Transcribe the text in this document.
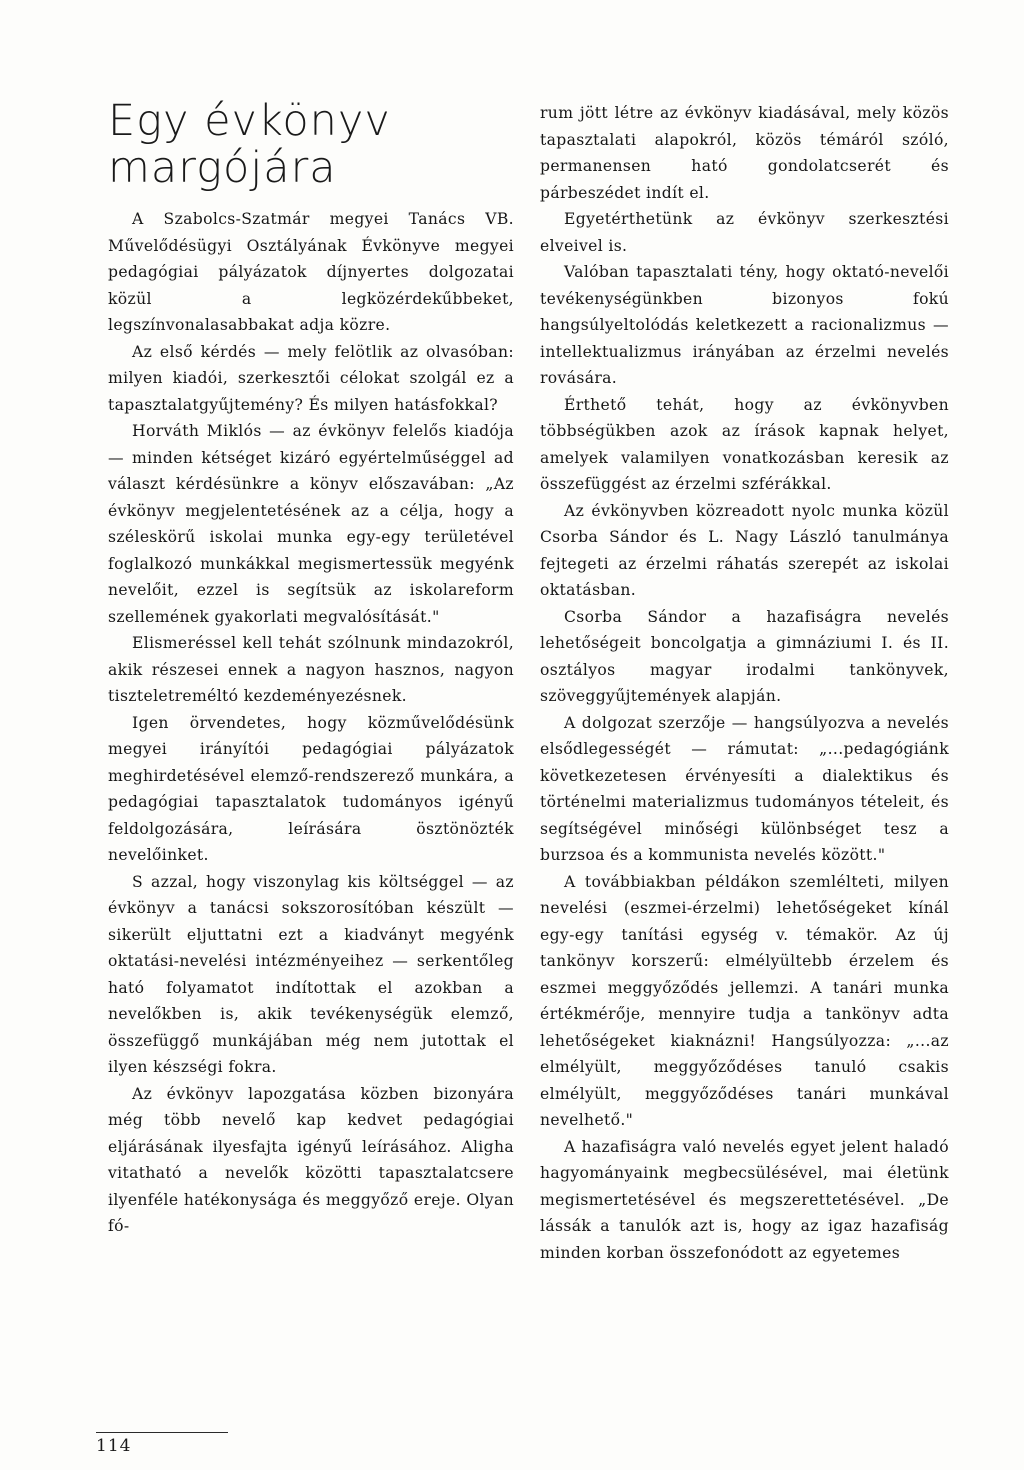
Egy évkönyv
margójára

A Szabolcs-Szatmár megyei Tanács VB. Művelődésügyi Osztályának Évkönyve megyei pedagógiai pályázatok díjnyertes dolgozatai közül a legközérdekűbbeket, legszínvonalasabbakat adja közre.

Az első kérdés — mely felötlik az olvasóban: milyen kiadói, szerkesztői célokat szolgál ez a tapasztalatgyűjtemény? És milyen hatásfokkal?

Horváth Miklós — az évkönyv felelős kiadója — minden kétséget kizáró egyértelműséggel ad választ kérdésünkre a könyv előszavában: „Az évkönyv megjelentetésének az a célja, hogy a széleskörű iskolai munka egy-egy területével foglalkozó munkákkal megismertessük megyénk nevelőit, ezzel is segítsük az iskolareform szellemének gyakorlati megvalósítását."

Elismeréssel kell tehát szólnunk mindazokról, akik részesei ennek a nagyon hasznos, nagyon tiszteletreméltó kezdeményezésnek.

Igen örvendetes, hogy közművelődésünk megyei irányítói pedagógiai pályázatok meghirdetésével elemző-rendszerező munkára, a pedagógiai tapasztalatok tudományos igényű feldolgozására, leírására ösztönözték nevelőinket.

S azzal, hogy viszonylag kis költséggel — az évkönyv a tanácsi sokszorosítóban készült — sikerült eljuttatni ezt a kiadványt megyénk oktatási-nevelési intézményeihez — serkentőleg ható folyamatot indítottak el azokban a nevelőkben is, akik tevékenységük elemző, összefüggő munkájában még nem jutottak el ilyen készségi fokra.

Az évkönyv lapozgatása közben bizonyára még több nevelő kap kedvet pedagógiai eljárásának ilyesfajta igényű leírásához. Aligha vitatható a nevelők közötti tapasztalatcsere ilyenféle hatékonysága és meggyőző ereje. Olyan fó-

rum jött létre az évkönyv kiadásával, mely közös tapasztalati alapokról, közös témáról szóló, permanensen ható gondolatcserét és párbeszédet indít el.

Egyetérthetünk az évkönyv szerkesztési elveivel is.

Valóban tapasztalati tény, hogy oktató-nevelői tevékenységünkben bizonyos fokú hangsúlyeltolódás keletkezett a racionalizmus — intellektualizmus irányában az érzelmi nevelés rovására.

Érthető tehát, hogy az évkönyvben többségükben azok az írások kapnak helyet, amelyek valamilyen vonatkozásban keresik az összefüggést az érzelmi szférákkal.

Az évkönyvben közreadott nyolc munka közül Csorba Sándor és L. Nagy László tanulmánya fejtegeti az érzelmi ráhatás szerepét az iskolai oktatásban.

Csorba Sándor a hazafiságra nevelés lehetőségeit boncolgatja a gimnáziumi I. és II. osztályos magyar irodalmi tankönyvek, szöveggyűjtemények alapján.

A dolgozat szerzője — hangsúlyozva a nevelés elsődlegességét — rámutat: „...pedagógiánk következetesen érvényesíti a dialektikus és történelmi materializmus tudományos tételeit, és segítségével minőségi különbséget tesz a burzsoa és a kommunista nevelés között."

A továbbiakban példákon szemlélteti, milyen nevelési (eszmei-érzelmi) lehetőségeket kínál egy-egy tanítási egység v. témakör. Az új tankönyv korszerű: elmélyültebb érzelem és eszmei meggyőződés jellemzi. A tanári munka értékmérője, mennyire tudja a tankönyv adta lehetőségeket kiaknázni! Hangsúlyozza: „...az elmélyült, meggyőződéses tanuló csakis elmélyült, meggyőződéses tanári munkával nevelhető."

A hazafiságra való nevelés egyet jelent haladó hagyományaink megbecsülésével, mai életünk megismertetésével és megszerettetésével. „De lássák a tanulók azt is, hogy az igaz hazafiság minden korban összefonódott az egyetemes

114
